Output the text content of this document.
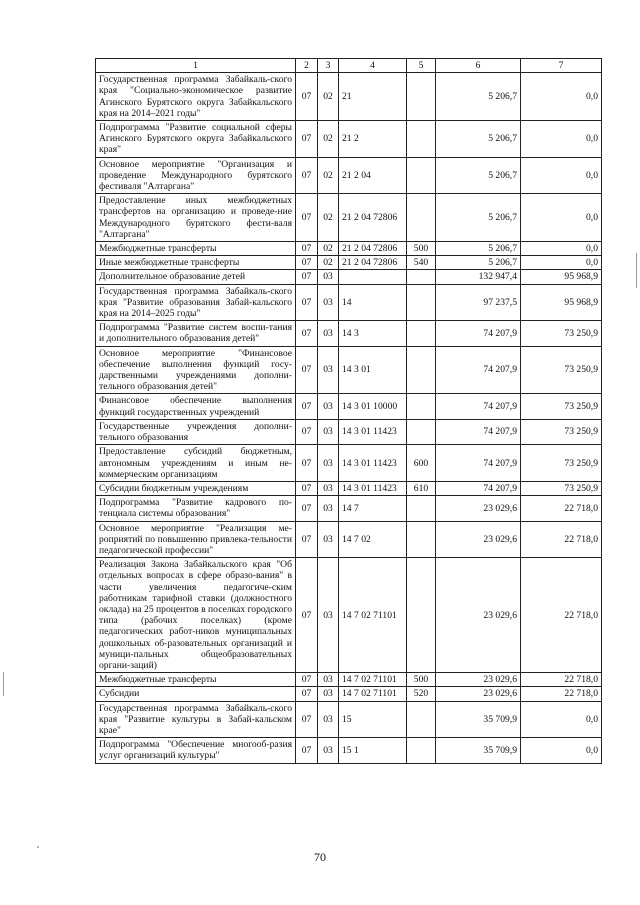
1	2	3	4	5	6	7
Государственная программа Забайкаль-ского края "Социально-экономическое развитие Агинского Бурятского округа Забайкальского края на 2014–2021 годы"	07	02	21		5 206,7	0,0
Подпрограмма "Развитие социальной сферы Агинского Бурятского округа Забайкальского края"	07	02	21 2		5 206,7	0,0
Основное мероприятие "Организация и проведение Международного бурятского фестиваля "Алтаргана"	07	02	21 2 04		5 206,7	0,0
Предоставление иных межбюджетных трансфертов на организацию и проведе-ние Международного бурятского фести-валя "Алтаргана"	07	02	21 2 04 72806		5 206,7	0,0
Межбюджетные трансферты	07	02	21 2 04 72806	500	5 206,7	0,0
Иные межбюджетные трансферты	07	02	21 2 04 72806	540	5 206,7	0,0
Дополнительное образование детей	07	03			132 947,4	95 968,9
Государственная программа Забайкаль-ского края "Развитие образования Забай-кальского края на 2014–2025 годы"	07	03	14		97 237,5	95 968,9
Подпрограмма "Развитие систем воспи-тания и дополнительного образования детей"	07	03	14 3		74 207,9	73 250,9
Основное мероприятие "Финансовое обеспечение выполнения функций госу-дарственными учреждениями дополни-тельного образования детей"	07	03	14 3 01		74 207,9	73 250,9
Финансовое обеспечение выполнения функций государственных учреждений	07	03	14 3 01 10000		74 207,9	73 250,9
Государственные учреждения дополни-тельного образования	07	03	14 3 01 11423		74 207,9	73 250,9
Предоставление субсидий бюджетным, автономным учреждениям и иным не-коммерческим организациям	07	03	14 3 01 11423	600	74 207,9	73 250,9
Субсидии бюджетным учреждениям	07	03	14 3 01 11423	610	74 207,9	73 250,9
Подпрограмма "Развитие кадрового по-тенциала системы образования"	07	03	14 7		23 029,6	22 718,0
Основное мероприятие "Реализация ме-роприятий по повышению привлека-тельности педагогической профессии"	07	03	14 7 02		23 029,6	22 718,0
Реализация Закона Забайкальского края "Об отдельных вопросах в сфере образо-вания" в части увеличения педагогиче-ским работникам тарифной ставки (должностного оклада) на 25 процентов в поселках городского типа (рабочих поселках) (кроме педагогических работ-ников муниципальных дошкольных об-разовательных организаций и муници-пальных общеобразовательных органи-заций)	07	03	14 7 02 71101		23 029,6	22 718,0
Межбюджетные трансферты	07	03	14 7 02 71101	500	23 029,6	22 718,0
Субсидии	07	03	14 7 02 71101	520	23 029,6	22 718,0
Государственная программа Забайкаль-ского края "Развитие культуры в Забай-кальском крае"	07	03	15		35 709,9	0,0
Подпрограмма "Обеспечение многооб-разия услуг организаций культуры"	07	03	15 1		35 709,9	0,0
70
